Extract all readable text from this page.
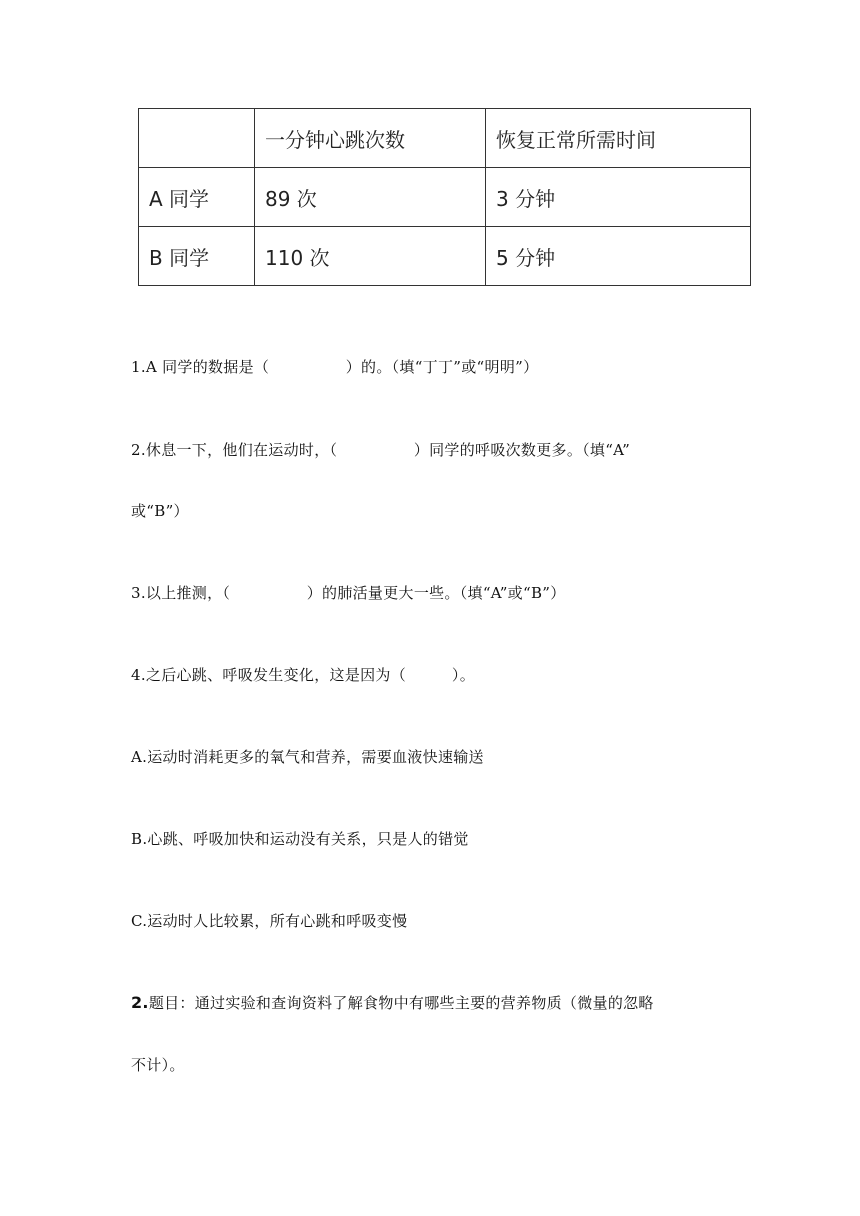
	一分钟心跳次数	恢复正常所需时间
A 同学	89 次	3 分钟
B 同学	110 次	5 分钟
1.A 同学的数据是（　　　　　）的。（填“丁丁”或“明明”）
2.休息一下，他们在运动时，（　　　　　）同学的呼吸次数更多。（填“A”
或“B”）
3.以上推测，（　　　　　）的肺活量更大一些。（填“A”或“B”）
4.之后心跳、呼吸发生变化，这是因为（　　　）。
A.运动时消耗更多的氧气和营养，需要血液快速输送
B.心跳、呼吸加快和运动没有关系，只是人的错觉
C.运动时人比较累，所有心跳和呼吸变慢
2.题目：通过实验和查询资料了解食物中有哪些主要的营养物质（微量的忽略
不计）。
